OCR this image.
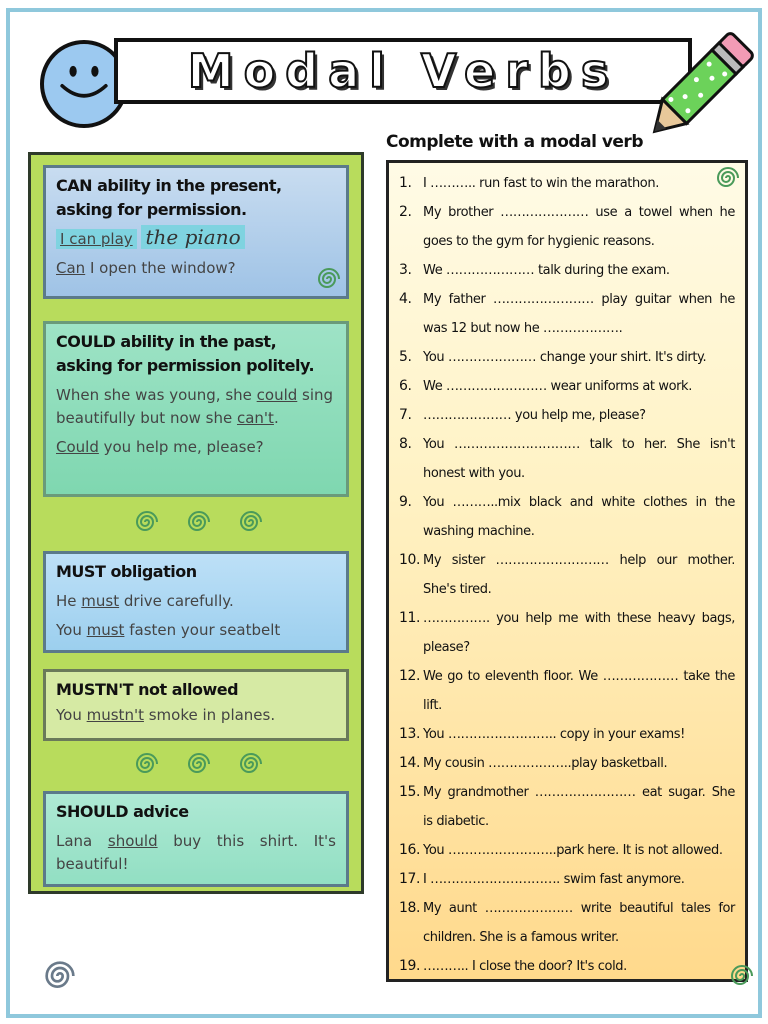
Modal Verbs
CAN ability in the present, asking for permission.
I can play the piano
Can I open the window?
COULD ability in the past, asking for permission politely.
When she was young, she could sing beautifully but now she can't.
Could you help me, please?
MUST obligation
He must drive carefully.
You must fasten your seatbelt
MUSTN'T not allowed
You mustn't smoke in planes.
SHOULD advice
Lana should buy this shirt. It's beautiful!
Complete with a modal verb
1. I ……….. run fast to win the marathon.
2. My brother ………………… use a towel when he goes to the gym for hygienic reasons.
3. We ………………… talk during the exam.
4. My father …………………… play guitar when he was 12 but now he ……………….
5. You ………………… change your shirt. It's dirty.
6. We …………………… wear uniforms at work.
7. ………………… you help me, please?
8. You ………………………… talk to her. She isn't honest with you.
9. You ………..mix black and white clothes in the washing machine.
10. My sister ……………………… help our mother. She's tired.
11. ……………. you help me with these heavy bags, please?
12. We go to eleventh floor. We ……………… take the lift.
13. You …………………….. copy in your exams!
14. My cousin ………………..play basketball.
15. My grandmother …………………… eat sugar. She is diabetic.
16. You ……………………..park here. It is not allowed.
17. I …………………………. swim fast anymore.
18. My aunt ………………… write beautiful tales for children. She is a famous writer.
19. ……….. I close the door? It's cold.
